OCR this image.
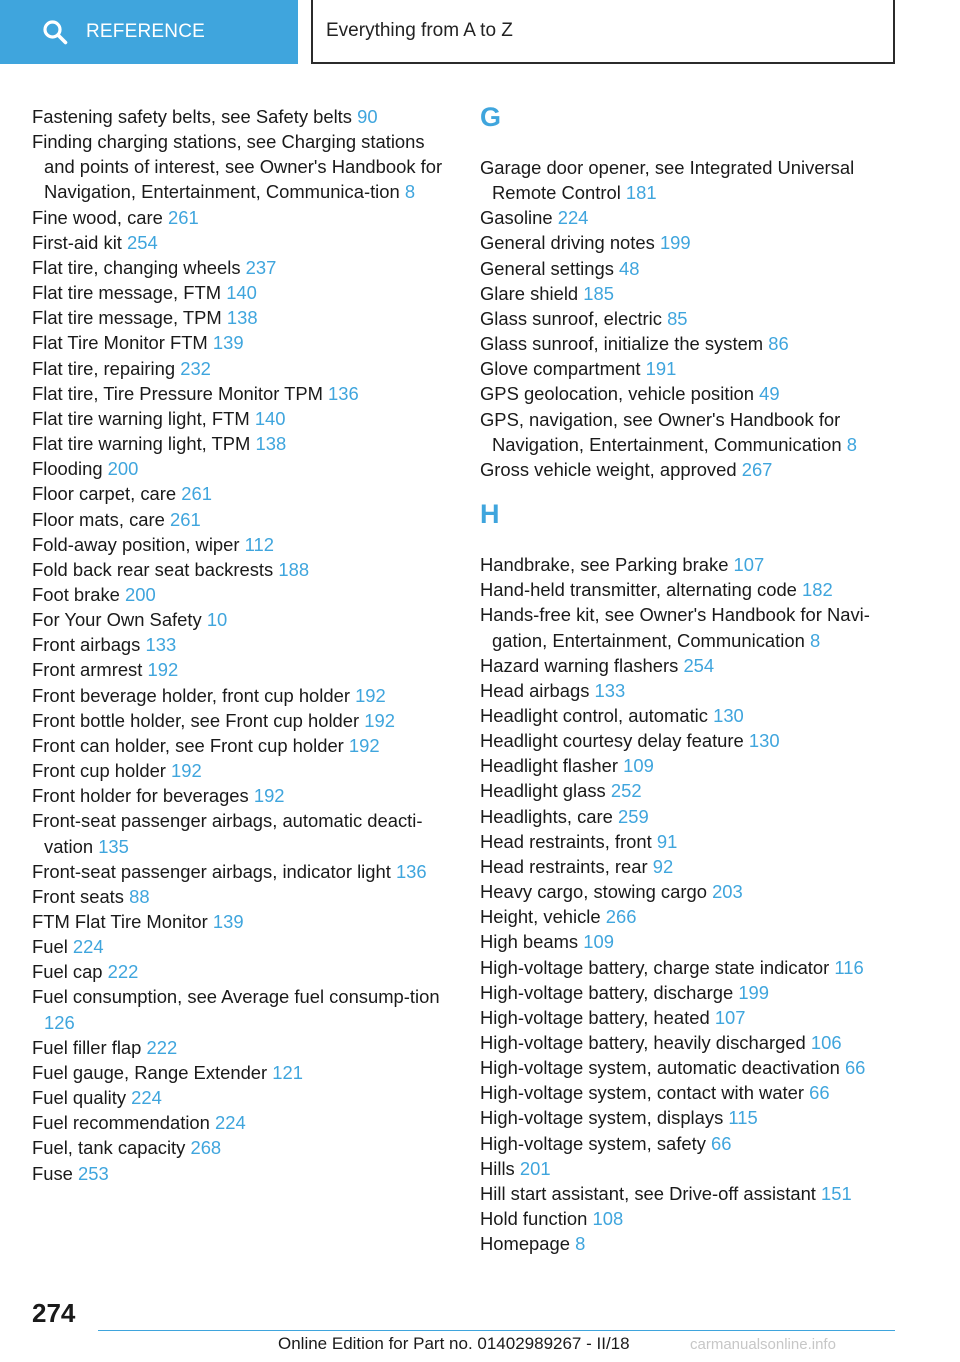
REFERENCE	Everything from A to Z
Fastening safety belts, see Safety belts 90
Finding charging stations, see Charging stations and points of interest, see Owner's Handbook for Navigation, Entertainment, Communica-tion 8
Fine wood, care 261
First-aid kit 254
Flat tire, changing wheels 237
Flat tire message, FTM 140
Flat tire message, TPM 138
Flat Tire Monitor FTM 139
Flat tire, repairing 232
Flat tire, Tire Pressure Monitor TPM 136
Flat tire warning light, FTM 140
Flat tire warning light, TPM 138
Flooding 200
Floor carpet, care 261
Floor mats, care 261
Fold-away position, wiper 112
Fold back rear seat backrests 188
Foot brake 200
For Your Own Safety 10
Front airbags 133
Front armrest 192
Front beverage holder, front cup holder 192
Front bottle holder, see Front cup holder 192
Front can holder, see Front cup holder 192
Front cup holder 192
Front holder for beverages 192
Front-seat passenger airbags, automatic deacti-vation 135
Front-seat passenger airbags, indicator light 136
Front seats 88
FTM Flat Tire Monitor 139
Fuel 224
Fuel cap 222
Fuel consumption, see Average fuel consump-tion 126
Fuel filler flap 222
Fuel gauge, Range Extender 121
Fuel quality 224
Fuel recommendation 224
Fuel, tank capacity 268
Fuse 253
G
Garage door opener, see Integrated Universal Remote Control 181
Gasoline 224
General driving notes 199
General settings 48
Glare shield 185
Glass sunroof, electric 85
Glass sunroof, initialize the system 86
Glove compartment 191
GPS geolocation, vehicle position 49
GPS, navigation, see Owner's Handbook for Navigation, Entertainment, Communication 8
Gross vehicle weight, approved 267
H
Handbrake, see Parking brake 107
Hand-held transmitter, alternating code 182
Hands-free kit, see Owner's Handbook for Navi-gation, Entertainment, Communication 8
Hazard warning flashers 254
Head airbags 133
Headlight control, automatic 130
Headlight courtesy delay feature 130
Headlight flasher 109
Headlight glass 252
Headlights, care 259
Head restraints, front 91
Head restraints, rear 92
Heavy cargo, stowing cargo 203
Height, vehicle 266
High beams 109
High-voltage battery, charge state indicator 116
High-voltage battery, discharge 199
High-voltage battery, heated 107
High-voltage battery, heavily discharged 106
High-voltage system, automatic deactivation 66
High-voltage system, contact with water 66
High-voltage system, displays 115
High-voltage system, safety 66
Hills 201
Hill start assistant, see Drive-off assistant 151
Hold function 108
Homepage 8
274
Online Edition for Part no. 01402989267 - II/18	carmanualsonline.info
